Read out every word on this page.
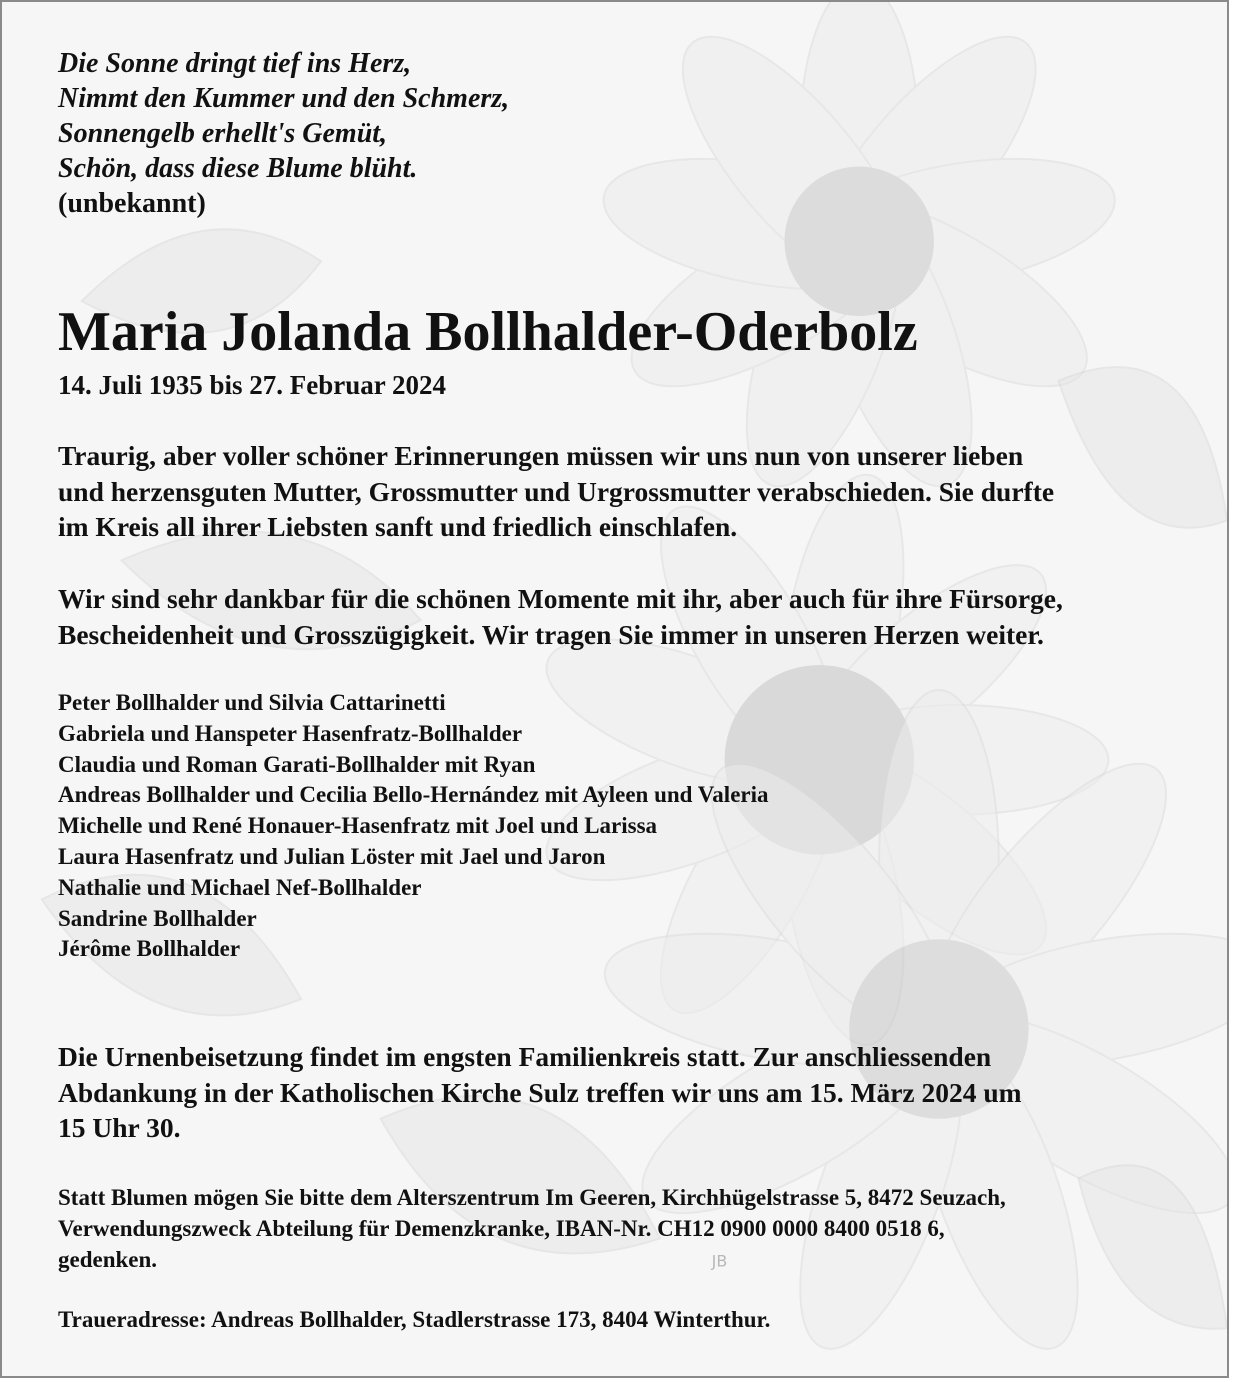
JB
Die Sonne dringt tief ins Herz,
Nimmt den Kummer und den Schmerz,
Sonnengelb erhellt's Gemüt,
Schön, dass diese Blume blüht.
(unbekannt)
Maria Jolanda Bollhalder-Oderbolz
14. Juli 1935 bis 27. Februar 2024
Traurig, aber voller schöner Erinnerungen müssen wir uns nun von unserer lieben
und herzensguten Mutter, Grossmutter und Urgrossmutter verabschieden. Sie durfte
im Kreis all ihrer Liebsten sanft und friedlich einschlafen.
Wir sind sehr dankbar für die schönen Momente mit ihr, aber auch für ihre Fürsorge,
Bescheidenheit und Grosszügigkeit. Wir tragen Sie immer in unseren Herzen weiter.
Peter Bollhalder und Silvia Cattarinetti
Gabriela und Hanspeter Hasenfratz-Bollhalder
Claudia und Roman Garati-Bollhalder mit Ryan
Andreas Bollhalder und Cecilia Bello-Hernández mit Ayleen und Valeria
Michelle und René Honauer-Hasenfratz mit Joel und Larissa
Laura Hasenfratz und Julian Löster mit Jael und Jaron
Nathalie und Michael Nef-Bollhalder
Sandrine Bollhalder
Jérôme Bollhalder
Die Urnenbeisetzung findet im engsten Familienkreis statt. Zur anschliessenden
Abdankung in der Katholischen Kirche Sulz treffen wir uns am 15. März 2024 um
15 Uhr 30.
Statt Blumen mögen Sie bitte dem Alterszentrum Im Geeren, Kirchhügelstrasse 5, 8472 Seuzach,
Verwendungszweck Abteilung für Demenzkranke, IBAN-Nr. CH12 0900 0000 8400 0518 6,
gedenken.
Traueradresse: Andreas Bollhalder, Stadlerstrasse 173, 8404 Winterthur.
